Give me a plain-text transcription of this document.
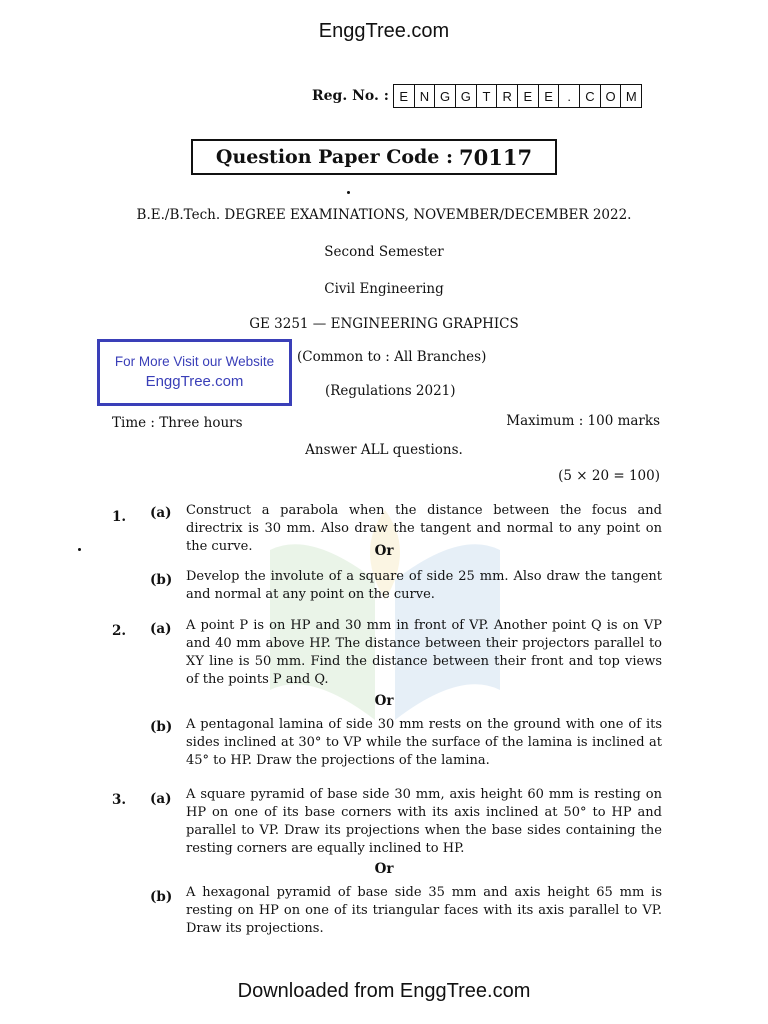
EnggTree.com
Reg. No. : E N G G T R E E	.	C O M
Question Paper Code : 70117
B.E./B.Tech. DEGREE EXAMINATIONS, NOVEMBER/DECEMBER 2022.
Second Semester
Civil Engineering
GE 3251 — ENGINEERING GRAPHICS
For More Visit our Website
EnggTree.com
(Common to : All Branches)
(Regulations 2021)
Time : Three hours	Maximum : 100 marks
Answer ALL questions.
(5 × 20 = 100)
1. (a) Construct a parabola when the distance between the focus and directrix is 30 mm. Also draw the tangent and normal to any point on the curve.	Or
(b) Develop the involute of a square of side 25 mm. Also draw the tangent and normal at any point on the curve.
2. (a) A point P is on HP and 30 mm in front of VP. Another point Q is on VP and 40 mm above HP. The distance between their projectors parallel to XY line is 50 mm. Find the distance between their front and top views of the points P and Q.
Or
(b) A pentagonal lamina of side 30 mm rests on the ground with one of its sides inclined at 30° to VP while the surface of the lamina is inclined at 45° to HP. Draw the projections of the lamina.
3. (a) A square pyramid of base side 30 mm, axis height 60 mm is resting on HP on one of its base corners with its axis inclined at 50° to HP and parallel to VP. Draw its projections when the base sides containing the resting corners are equally inclined to HP.
Or
(b) A hexagonal pyramid of base side 35 mm and axis height 65 mm is resting on HP on one of its triangular faces with its axis parallel to VP. Draw its projections.
Downloaded from EnggTree.com
